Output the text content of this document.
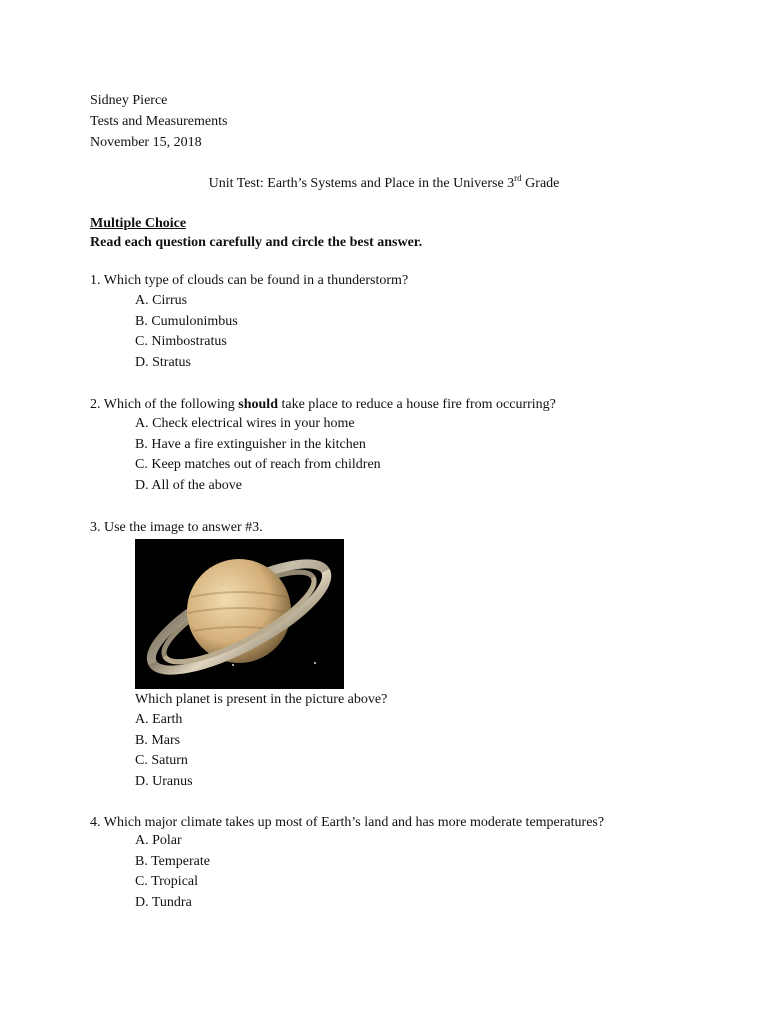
Sidney Pierce
Tests and Measurements
November 15, 2018
Unit Test: Earth’s Systems and Place in the Universe 3rd Grade
Multiple Choice
Read each question carefully and circle the best answer.
1. Which type of clouds can be found in a thunderstorm?
A. Cirrus
B. Cumulonimbus
C. Nimbostratus
D. Stratus
2. Which of the following should take place to reduce a house fire from occurring?
A. Check electrical wires in your home
B. Have a fire extinguisher in the kitchen
C. Keep matches out of reach from children
D. All of the above
3. Use the image to answer #3.
Which planet is present in the picture above?
A. Earth
B. Mars
C. Saturn
D. Uranus
4. Which major climate takes up most of Earth’s land and has more moderate temperatures?
A. Polar
B. Temperate
C. Tropical
D. Tundra
